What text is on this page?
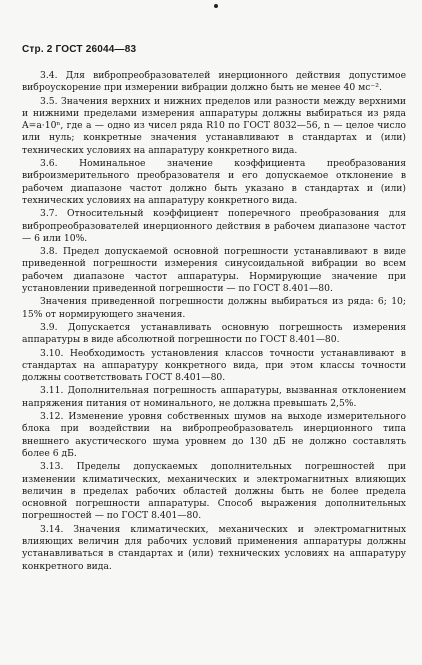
Стр. 2 ГОСТ 26044—83

3.4. Для вибропреобразователей инерционного действия допустимое виброускорение при измерении вибрации должно быть не менее 40 мс⁻².

3.5. Значения верхних и нижних пределов или разности между верхними и нижними пределами измерения аппаратуры должны выбираться из ряда A=a·10ⁿ, где a — одно из чисел ряда R10 по ГОСТ 8032—56, n — целое число или нуль; конкретные значения устанавливают в стандартах и (или) технических условиях на аппаратуру конкретного вида.

3.6. Номинальное значение коэффициента преобразования виброизмерительного преобразователя и его допускаемое отклонение в рабочем диапазоне частот должно быть указано в стандартах и (или) технических условиях на аппаратуру конкретного вида.

3.7. Относительный коэффициент поперечного преобразования для вибропреобразователей инерционного действия в рабочем диапазоне частот — 6 или 10%.

3.8. Предел допускаемой основной погрешности устанавливают в виде приведенной погрешности измерения синусоидальной вибрации во всем рабочем диапазоне частот аппаратуры. Нормирующие значение при установлении приведенной погрешности — по ГОСТ 8.401—80.

Значения приведенной погрешности должны выбираться из ряда: 6; 10; 15% от нормирующего значения.

3.9. Допускается устанавливать основную погрешность измерения аппаратуры в виде абсолютной погрешности по ГОСТ 8.401—80.

3.10. Необходимость установления классов точности устанавливают в стандартах на аппаратуру конкретного вида, при этом классы точности должны соответствовать ГОСТ 8.401—80.

3.11. Дополнительная погрешность аппаратуры, вызванная отклонением напряжения питания от номинального, не должна превышать 2,5%.

3.12. Изменение уровня собственных шумов на выходе измерительного блока при воздействии на вибропреобразователь инерционного типа внешнего акустического шума уровнем до 130 дБ не должно составлять более 6 дБ.

3.13. Пределы допускаемых дополнительных погрешностей при изменении климатических, механических и электромагнитных влияющих величин в пределах рабочих областей должны быть не более предела основной погрешности аппаратуры. Способ выражения дополнительных погрешностей — по ГОСТ 8.401—80.

3.14. Значения климатических, механических и электромагнитных влияющих величин для рабочих условий применения аппаратуры должны устанавливаться в стандартах и (или) технических условиях на аппаратуру конкретного вида.
